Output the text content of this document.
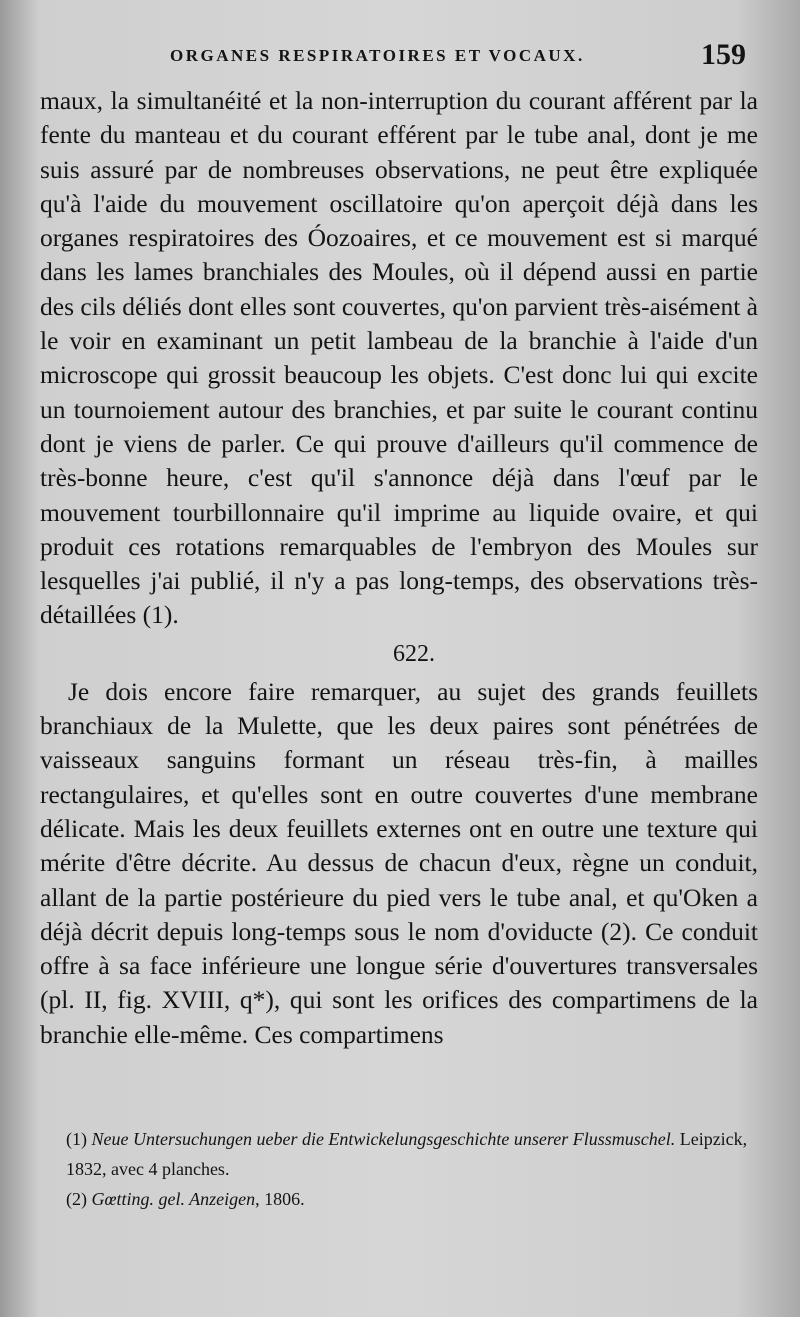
ORGANES RESPIRATOIRES ET VOCAUX.	159

maux, la simultanéité et la non-interruption du courant afférent par la fente du manteau et du courant efférent par le tube anal, dont je me suis assuré par de nombreuses observations, ne peut être expliquée qu'à l'aide du mouvement oscillatoire qu'on aperçoit déjà dans les organes respiratoires des Óozoaires, et ce mouvement est si marqué dans les lames branchiales des Moules, où il dépend aussi en partie des cils déliés dont elles sont couvertes, qu'on parvient très-aisément à le voir en examinant un petit lambeau de la branchie à l'aide d'un microscope qui grossit beaucoup les objets. C'est donc lui qui excite un tournoiement autour des branchies, et par suite le courant continu dont je viens de parler. Ce qui prouve d'ailleurs qu'il commence de très-bonne heure, c'est qu'il s'annonce déjà dans l'œuf par le mouvement tourbillonnaire qu'il imprime au liquide ovaire, et qui produit ces rotations remarquables de l'embryon des Moules sur lesquelles j'ai publié, il n'y a pas long-temps, des observations très-détaillées (1).

622.

Je dois encore faire remarquer, au sujet des grands feuillets branchiaux de la Mulette, que les deux paires sont pénétrées de vaisseaux sanguins formant un réseau très-fin, à mailles rectangulaires, et qu'elles sont en outre couvertes d'une membrane délicate. Mais les deux feuillets externes ont en outre une texture qui mérite d'être décrite. Au dessus de chacun d'eux, règne un conduit, allant de la partie postérieure du pied vers le tube anal, et qu'Oken a déjà décrit depuis long-temps sous le nom d'oviducte (2). Ce conduit offre à sa face inférieure une longue série d'ouvertures transversales (pl. II, fig. XVIII, q*), qui sont les orifices des compartimens de la branchie elle-même. Ces compartimens

(1) Neue Untersuchungen ueber die Entwickelungsgeschichte unserer Flussmuschel. Leipzick, 1832, avec 4 planches.

(2) Gœtting. gel. Anzeigen, 1806.
